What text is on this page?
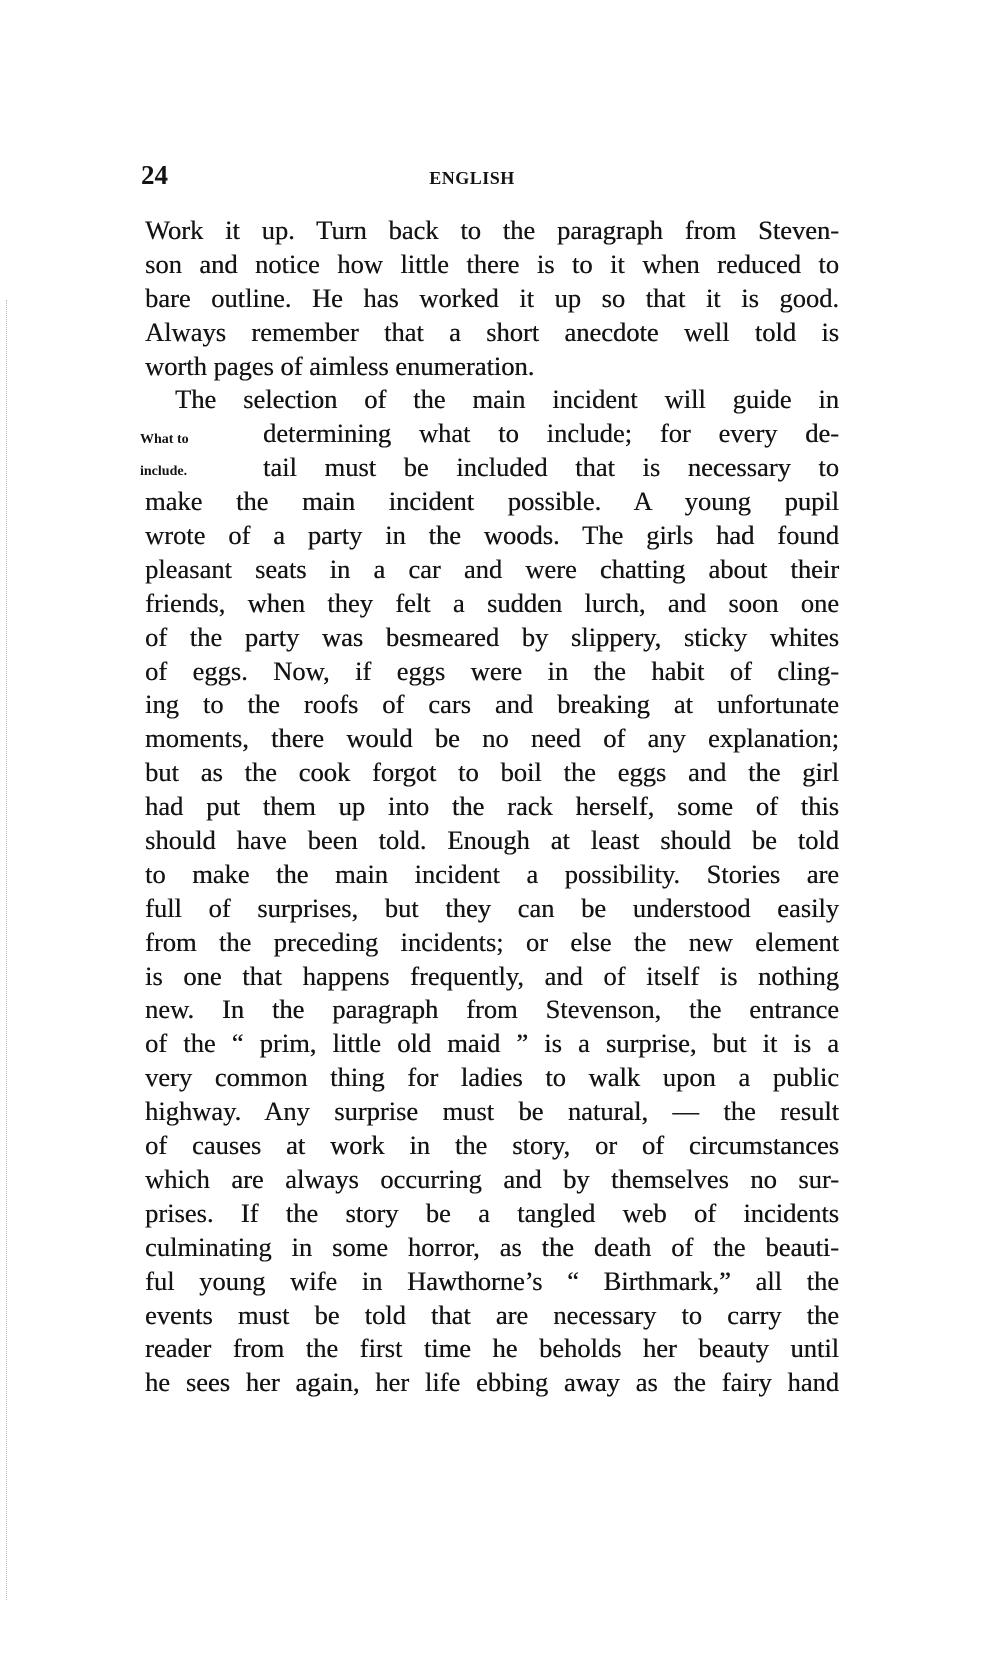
24	ENGLISH
What to
include.
Work it up. Turn back to the paragraph from Steven-
son and notice how little there is to it when reduced to
bare outline. He has worked it up so that it is good.
Always remember that a short anecdote well told is
worth pages of aimless enumeration.
The selection of the main incident will guide in
determining what to include; for every de-
tail must be included that is necessary to
make the main incident possible. A young pupil
wrote of a party in the woods. The girls had found
pleasant seats in a car and were chatting about their
friends, when they felt a sudden lurch, and soon one
of the party was besmeared by slippery, sticky whites
of eggs. Now, if eggs were in the habit of cling-
ing to the roofs of cars and breaking at unfortunate
moments, there would be no need of any explanation;
but as the cook forgot to boil the eggs and the girl
had put them up into the rack herself, some of this
should have been told. Enough at least should be told
to make the main incident a possibility. Stories are
full of surprises, but they can be understood easily
from the preceding incidents; or else the new element
is one that happens frequently, and of itself is nothing
new. In the paragraph from Stevenson, the entrance
of the “ prim, little old maid ” is a surprise, but it is a
very common thing for ladies to walk upon a public
highway. Any surprise must be natural, — the result
of causes at work in the story, or of circumstances
which are always occurring and by themselves no sur-
prises. If the story be a tangled web of incidents
culminating in some horror, as the death of the beauti-
ful young wife in Hawthorne’s “ Birthmark,” all the
events must be told that are necessary to carry the
reader from the first time he beholds her beauty until
he sees her again, her life ebbing away as the fairy hand
